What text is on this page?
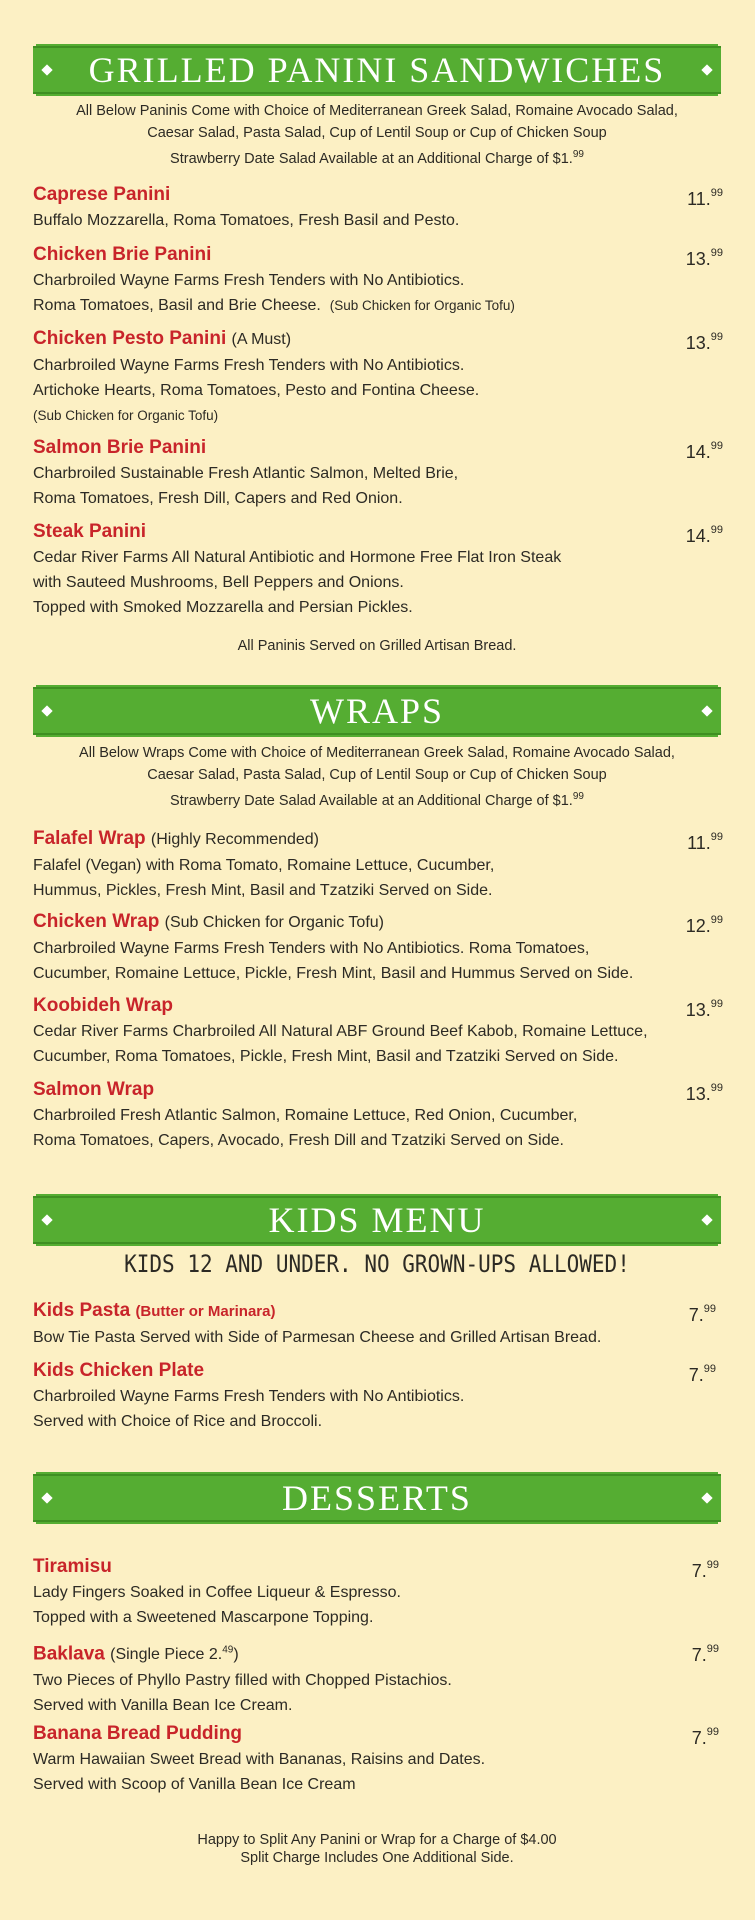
GRILLED PANINI SANDWICHES
All Below Paninis Come with Choice of Mediterranean Greek Salad, Romaine Avocado Salad,
Caesar Salad, Pasta Salad, Cup of Lentil Soup or Cup of Chicken Soup
Strawberry Date Salad Available at an Additional Charge of $1.99
Caprese Panini	11.99
Buffalo Mozzarella, Roma Tomatoes, Fresh Basil and Pesto.
Chicken Brie Panini	13.99
Charbroiled Wayne Farms Fresh Tenders with No Antibiotics.
Roma Tomatoes, Basil and Brie Cheese. (Sub Chicken for Organic Tofu)
Chicken Pesto Panini (A Must)	13.99
Charbroiled Wayne Farms Fresh Tenders with No Antibiotics.
Artichoke Hearts, Roma Tomatoes, Pesto and Fontina Cheese.
(Sub Chicken for Organic Tofu)
Salmon Brie Panini	14.99
Charbroiled Sustainable Fresh Atlantic Salmon, Melted Brie,
Roma Tomatoes, Fresh Dill, Capers and Red Onion.
Steak Panini	14.99
Cedar River Farms All Natural Antibiotic and Hormone Free Flat Iron Steak
with Sauteed Mushrooms, Bell Peppers and Onions.
Topped with Smoked Mozzarella and Persian Pickles.
All Paninis Served on Grilled Artisan Bread.
WRAPS
All Below Wraps Come with Choice of Mediterranean Greek Salad, Romaine Avocado Salad,
Caesar Salad, Pasta Salad, Cup of Lentil Soup or Cup of Chicken Soup
Strawberry Date Salad Available at an Additional Charge of $1.99
Falafel Wrap (Highly Recommended)	11.99
Falafel (Vegan) with Roma Tomato, Romaine Lettuce, Cucumber,
Hummus, Pickles, Fresh Mint, Basil and Tzatziki Served on Side.
Chicken Wrap (Sub Chicken for Organic Tofu)	12.99
Charbroiled Wayne Farms Fresh Tenders with No Antibiotics. Roma Tomatoes,
Cucumber, Romaine Lettuce, Pickle, Fresh Mint, Basil and Hummus Served on Side.
Koobideh Wrap	13.99
Cedar River Farms Charbroiled All Natural ABF Ground Beef Kabob, Romaine Lettuce,
Cucumber, Roma Tomatoes, Pickle, Fresh Mint, Basil and Tzatziki Served on Side.
Salmon Wrap	13.99
Charbroiled Fresh Atlantic Salmon, Romaine Lettuce, Red Onion, Cucumber,
Roma Tomatoes, Capers, Avocado, Fresh Dill and Tzatziki Served on Side.
KIDS MENU
KIDS 12 AND UNDER. NO GROWN-UPS ALLOWED!
Kids Pasta (Butter or Marinara)	7.99
Bow Tie Pasta Served with Side of Parmesan Cheese and Grilled Artisan Bread.
Kids Chicken Plate	7.99
Charbroiled Wayne Farms Fresh Tenders with No Antibiotics.
Served with Choice of Rice and Broccoli.
DESSERTS
Tiramisu	7.99
Lady Fingers Soaked in Coffee Liqueur & Espresso.
Topped with a Sweetened Mascarpone Topping.
Baklava (Single Piece 2.49)	7.99
Two Pieces of Phyllo Pastry filled with Chopped Pistachios.
Served with Vanilla Bean Ice Cream.
Banana Bread Pudding	7.99
Warm Hawaiian Sweet Bread with Bananas, Raisins and Dates.
Served with Scoop of Vanilla Bean Ice Cream
Happy to Split Any Panini or Wrap for a Charge of $4.00
Split Charge Includes One Additional Side.
